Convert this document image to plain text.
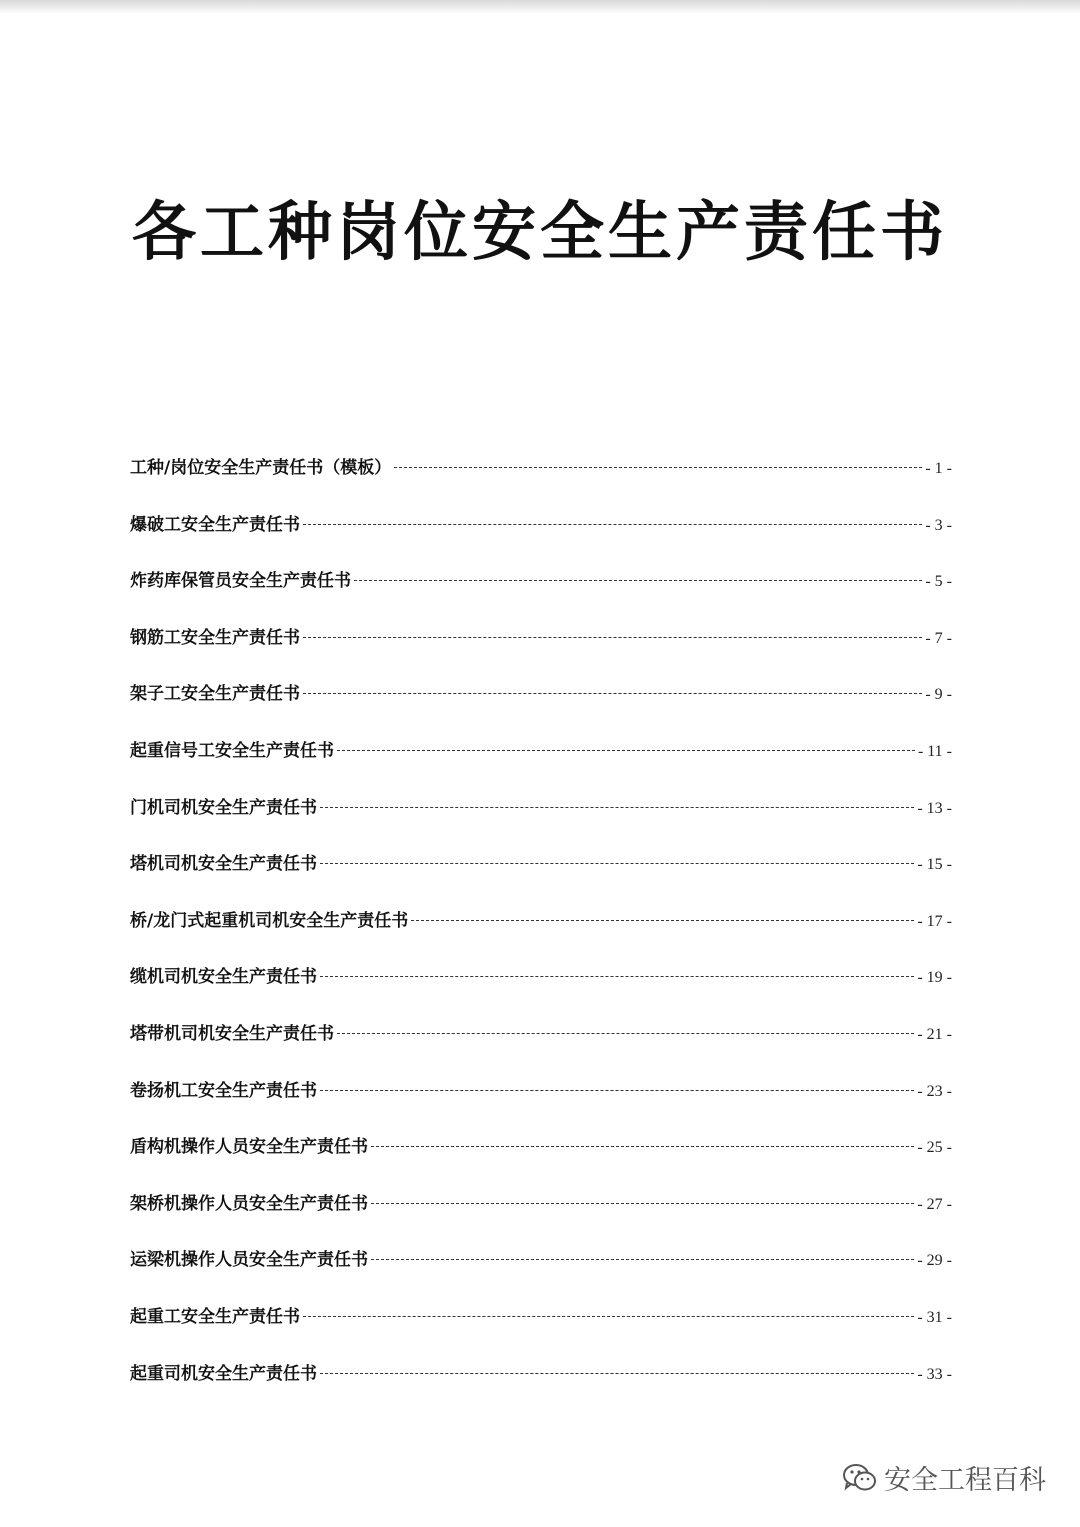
各工种岗位安全生产责任书
工种/岗位安全生产责任书（模板）	- 1 -
爆破工安全生产责任书	- 3 -
炸药库保管员安全生产责任书	- 5 -
钢筋工安全生产责任书	- 7 -
架子工安全生产责任书	- 9 -
起重信号工安全生产责任书	- 11 -
门机司机安全生产责任书	- 13 -
塔机司机安全生产责任书	- 15 -
桥/龙门式起重机司机安全生产责任书	- 17 -
缆机司机安全生产责任书	- 19 -
塔带机司机安全生产责任书	- 21 -
卷扬机工安全生产责任书	- 23 -
盾构机操作人员安全生产责任书	- 25 -
架桥机操作人员安全生产责任书	- 27 -
运梁机操作人员安全生产责任书	- 29 -
起重工安全生产责任书	- 31 -
起重司机安全生产责任书	- 33 -
安全工程百科
